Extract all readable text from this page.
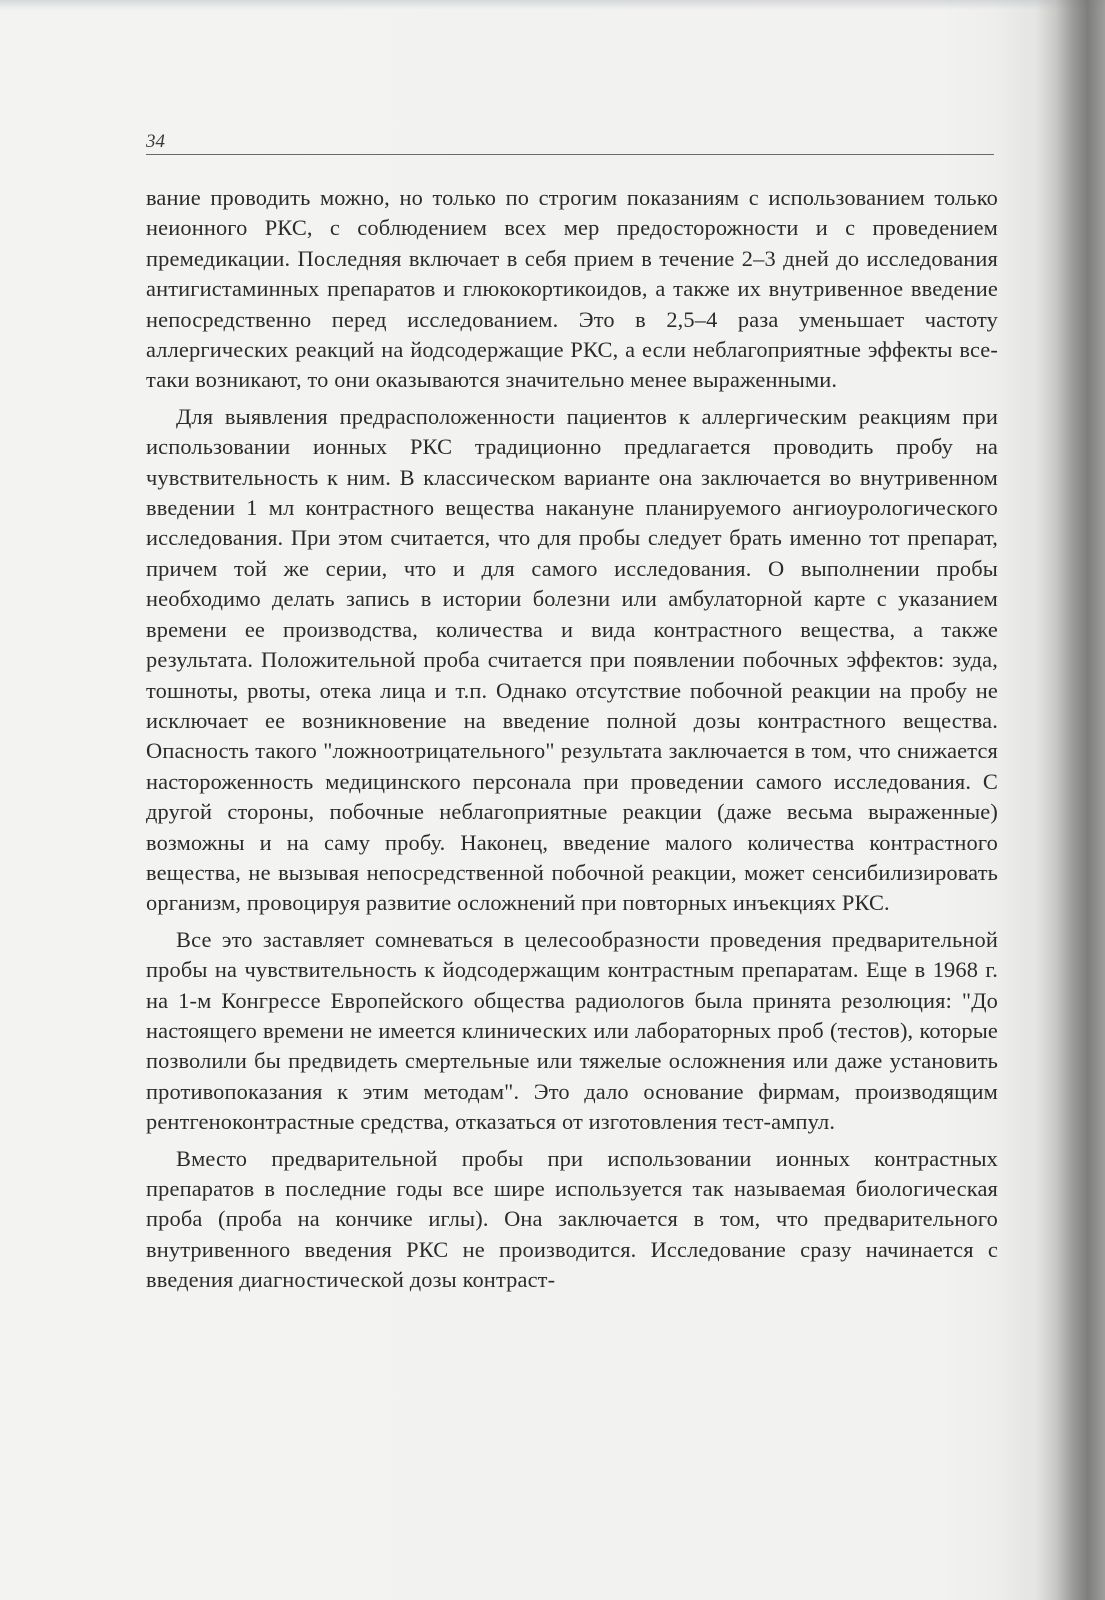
34

вание проводить можно, но только по строгим показаниям с использованием только неионного РКС, с соблюдением всех мер предосторожности и с проведением премедикации. Последняя включает в себя прием в течение 2–3 дней до исследования антигистаминных препаратов и глюкокортикоидов, а также их внутривенное введение непосредственно перед исследованием. Это в 2,5–4 раза уменьшает частоту аллергических реакций на йодсодержащие РКС, а если неблагоприятные эффекты все-таки возникают, то они оказываются значительно менее выраженными.

Для выявления предрасположенности пациентов к аллергическим реакциям при использовании ионных РКС традиционно предлагается проводить пробу на чувствительность к ним. В классическом варианте она заключается во внутривенном введении 1 мл контрастного вещества накануне планируемого ангиоурологического исследования. При этом считается, что для пробы следует брать именно тот препарат, причем той же серии, что и для самого исследования. О выполнении пробы необходимо делать запись в истории болезни или амбулаторной карте с указанием времени ее производства, количества и вида контрастного вещества, а также результата. Положительной проба считается при появлении побочных эффектов: зуда, тошноты, рвоты, отека лица и т.п. Однако отсутствие побочной реакции на пробу не исключает ее возникновение на введение полной дозы контрастного вещества. Опасность такого "ложноотрицательного" результата заключается в том, что снижается настороженность медицинского персонала при проведении самого исследования. С другой стороны, побочные неблагоприятные реакции (даже весьма выраженные) возможны и на саму пробу. Наконец, введение малого количества контрастного вещества, не вызывая непосредственной побочной реакции, может сенсибилизировать организм, провоцируя развитие осложнений при повторных инъекциях РКС.

Все это заставляет сомневаться в целесообразности проведения предварительной пробы на чувствительность к йодсодержащим контрастным препаратам. Еще в 1968 г. на 1-м Конгрессе Европейского общества радиологов была принята резолюция: "До настоящего времени не имеется клинических или лабораторных проб (тестов), которые позволили бы предвидеть смертельные или тяжелые осложнения или даже установить противопоказания к этим методам". Это дало основание фирмам, производящим рентгеноконтрастные средства, отказаться от изготовления тест-ампул.

Вместо предварительной пробы при использовании ионных контрастных препаратов в последние годы все шире используется так называемая биологическая проба (проба на кончике иглы). Она заключается в том, что предварительного внутривенного введения РКС не производится. Исследование сразу начинается с введения диагностической дозы контраст-
